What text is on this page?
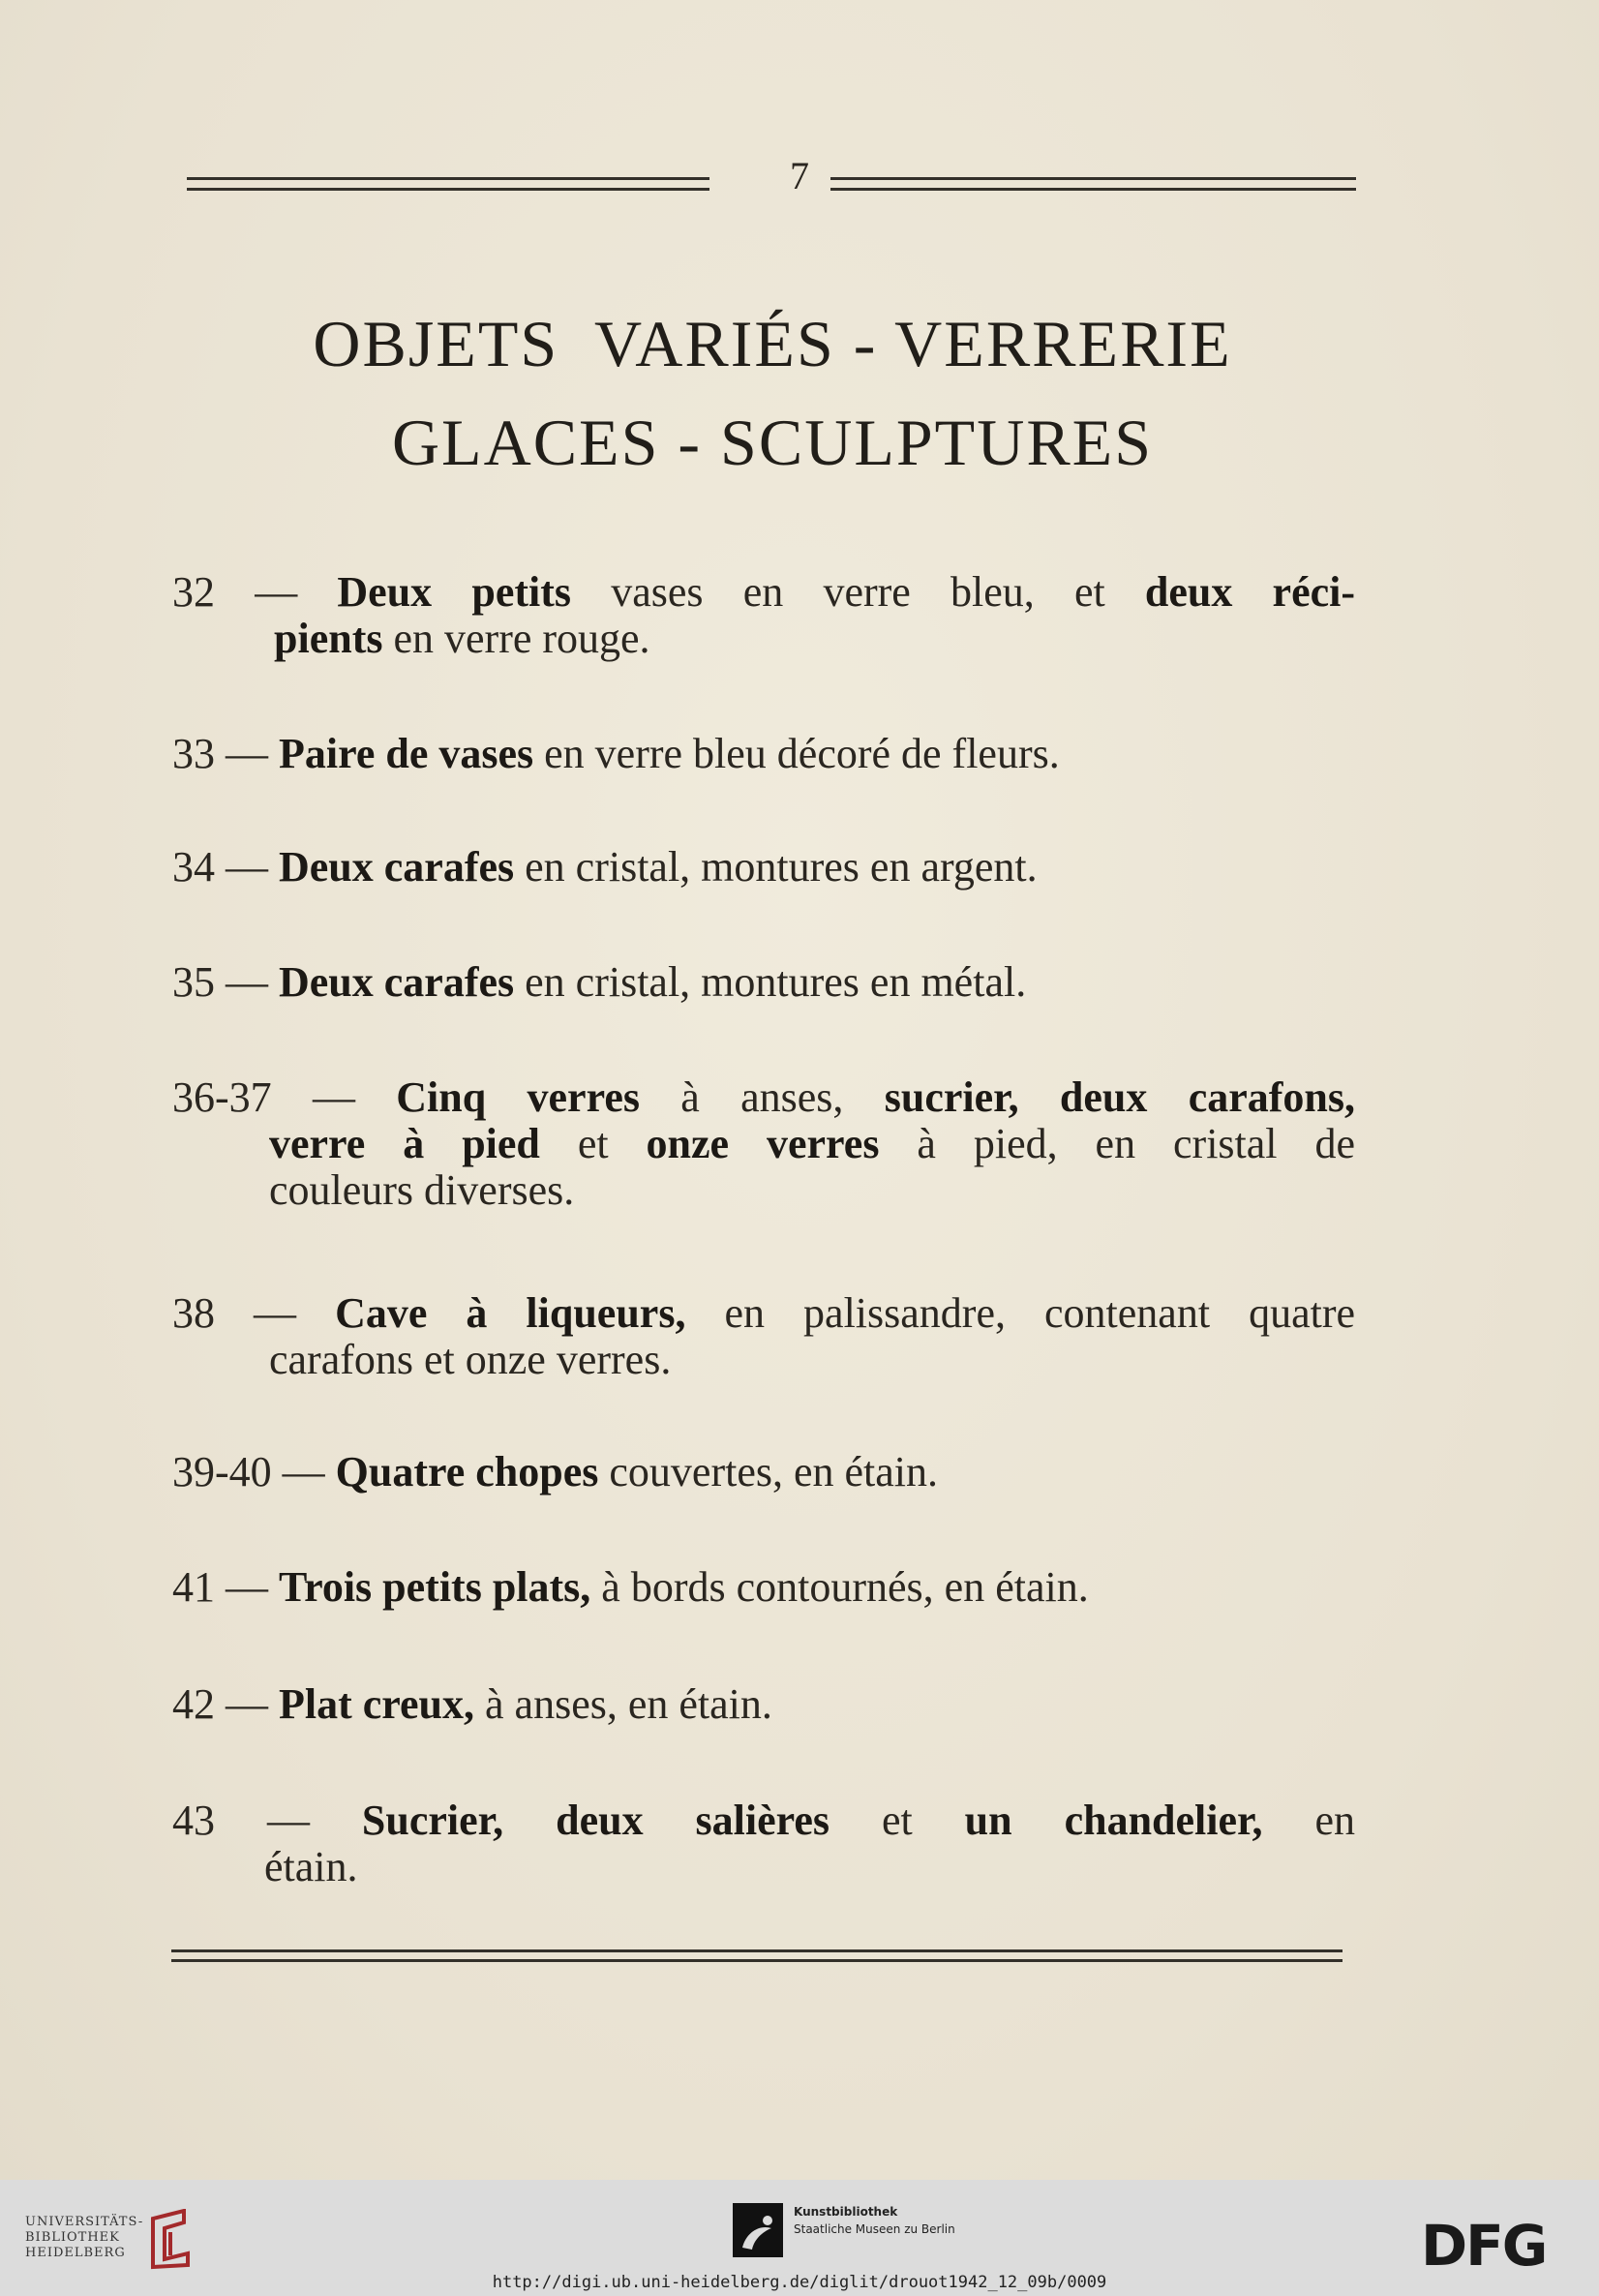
7
OBJETS  VARIÉS - VERRERIE
GLACES - SCULPTURES
32 — Deux petits vases en verre bleu, et deux réci-
pients en verre rouge.
33 — Paire de vases en verre bleu décoré de fleurs.
34 — Deux carafes en cristal, montures en argent.
35 — Deux carafes en cristal, montures en métal.
36-37 — Cinq verres à anses, sucrier, deux carafons,
verre à pied et onze verres à pied, en cristal de
couleurs diverses.
38 — Cave à liqueurs, en palissandre, contenant quatre
carafons et onze verres.
39-40 — Quatre chopes couvertes, en étain.
41 — Trois petits plats, à bords contournés, en étain.
42 — Plat creux, à anses, en étain.
43 — Sucrier, deux salières et un chandelier, en
étain.
UNIVERSITÄTS-
BIBLIOTHEK
HEIDELBERG
Kunstbibliothek
Staatliche Museen zu Berlin	DFG
http://digi.ub.uni-heidelberg.de/diglit/drouot1942_12_09b/0009
